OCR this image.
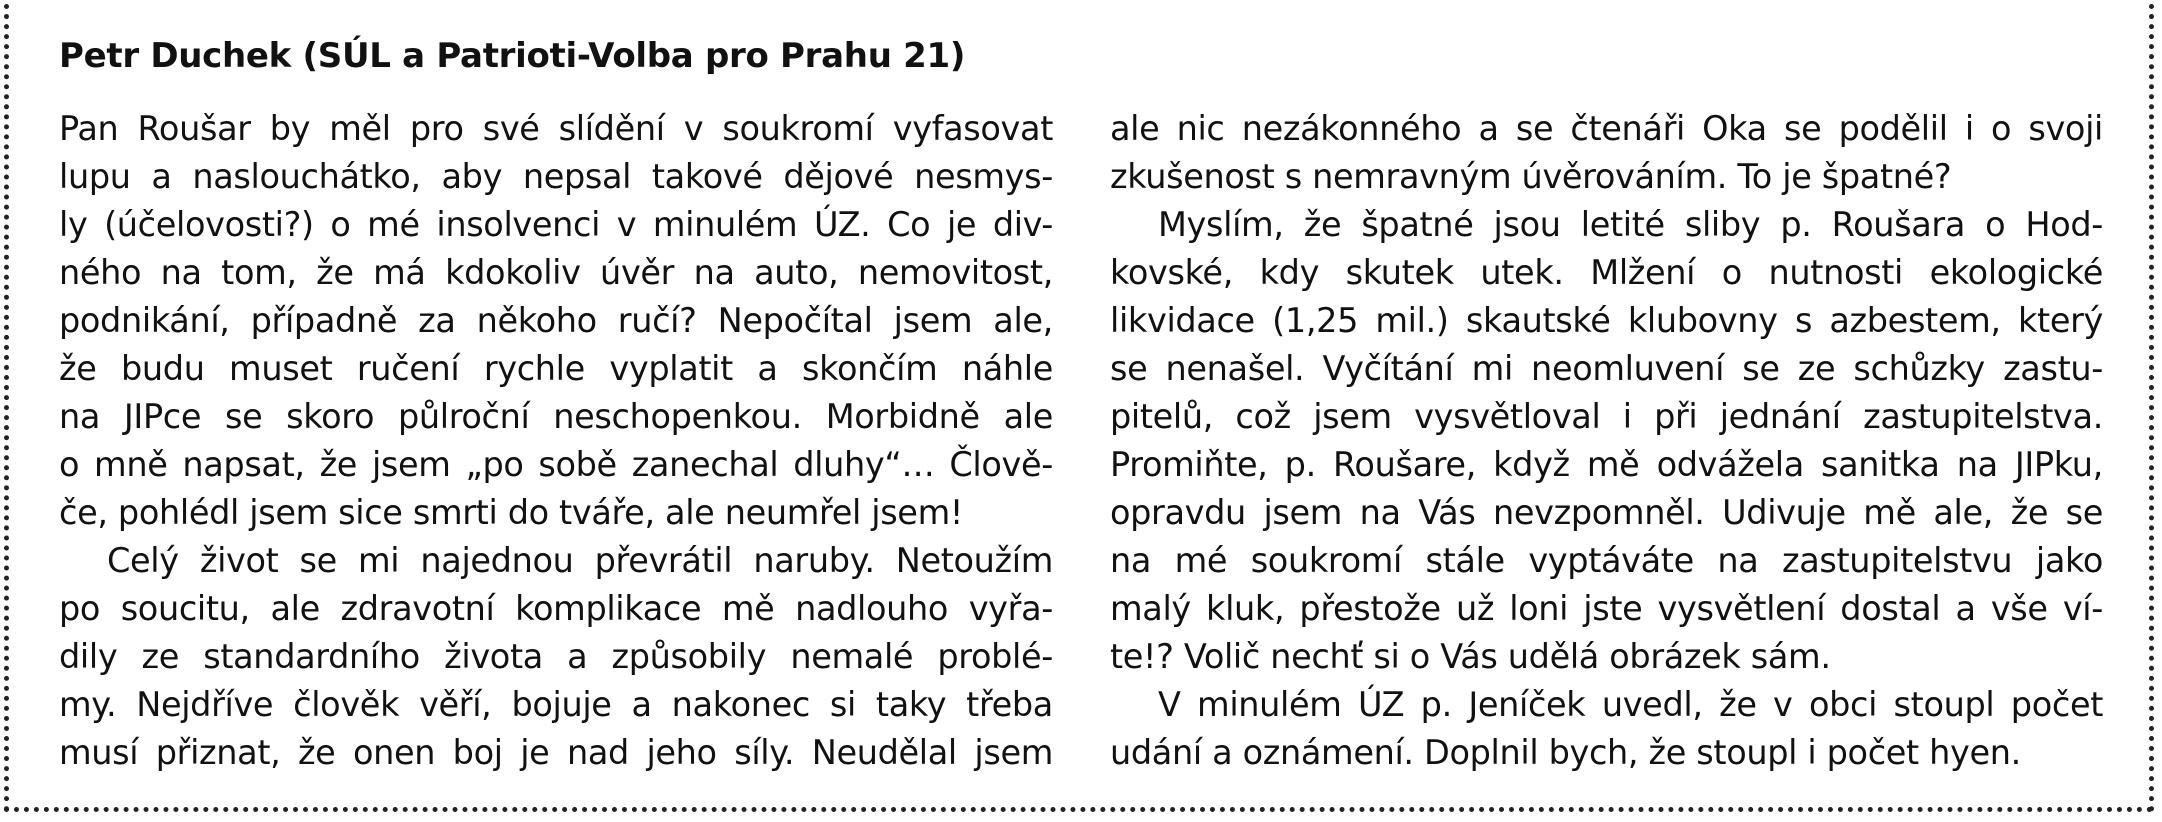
Petr Duchek (SÚL a Patrioti-Volba pro Prahu 21)
Pan Roušar by měl pro své slídění v soukromí vyfasovat
lupu a naslouchátko, aby nepsal takové dějové nesmys-
ly (účelovosti?) o mé insolvenci v minulém ÚZ. Co je div-
ného na tom, že má kdokoliv úvěr na auto, nemovitost,
podnikání, případně za někoho ručí? Nepočítal jsem ale,
že budu muset ručení rychle vyplatit a skončím náhle
na JIPce se skoro půlroční neschopenkou. Morbidně ale
o mně napsat, že jsem „po sobě zanechal dluhy“… Člově-
če, pohlédl jsem sice smrti do tváře, ale neumřel jsem!
Celý život se mi najednou převrátil naruby. Netoužím
po soucitu, ale zdravotní komplikace mě nadlouho vyřa-
dily ze standardního života a způsobily nemalé problé-
my. Nejdříve člověk věří, bojuje a nakonec si taky třeba
musí přiznat, že onen boj je nad jeho síly. Neudělal jsem
ale nic nezákonného a se čtenáři Oka se podělil i o svoji
zkušenost s nemravným úvěrováním. To je špatné?
Myslím, že špatné jsou letité sliby p. Roušara o Hod-
kovské, kdy skutek utek. Mlžení o nutnosti ekologické
likvidace (1,25 mil.) skautské klubovny s azbestem, který
se nenašel. Vyčítání mi neomluvení se ze schůzky zastu-
pitelů, což jsem vysvětloval i při jednání zastupitelstva.
Promiňte, p. Roušare, když mě odvážela sanitka na JIPku,
opravdu jsem na Vás nevzpomněl. Udivuje mě ale, že se
na mé soukromí stále vyptáváte na zastupitelstvu jako
malý kluk, přestože už loni jste vysvětlení dostal a vše ví-
te!? Volič nechť si o Vás udělá obrázek sám.
V minulém ÚZ p. Jeníček uvedl, že v obci stoupl počet
udání a oznámení. Doplnil bych, že stoupl i počet hyen.
